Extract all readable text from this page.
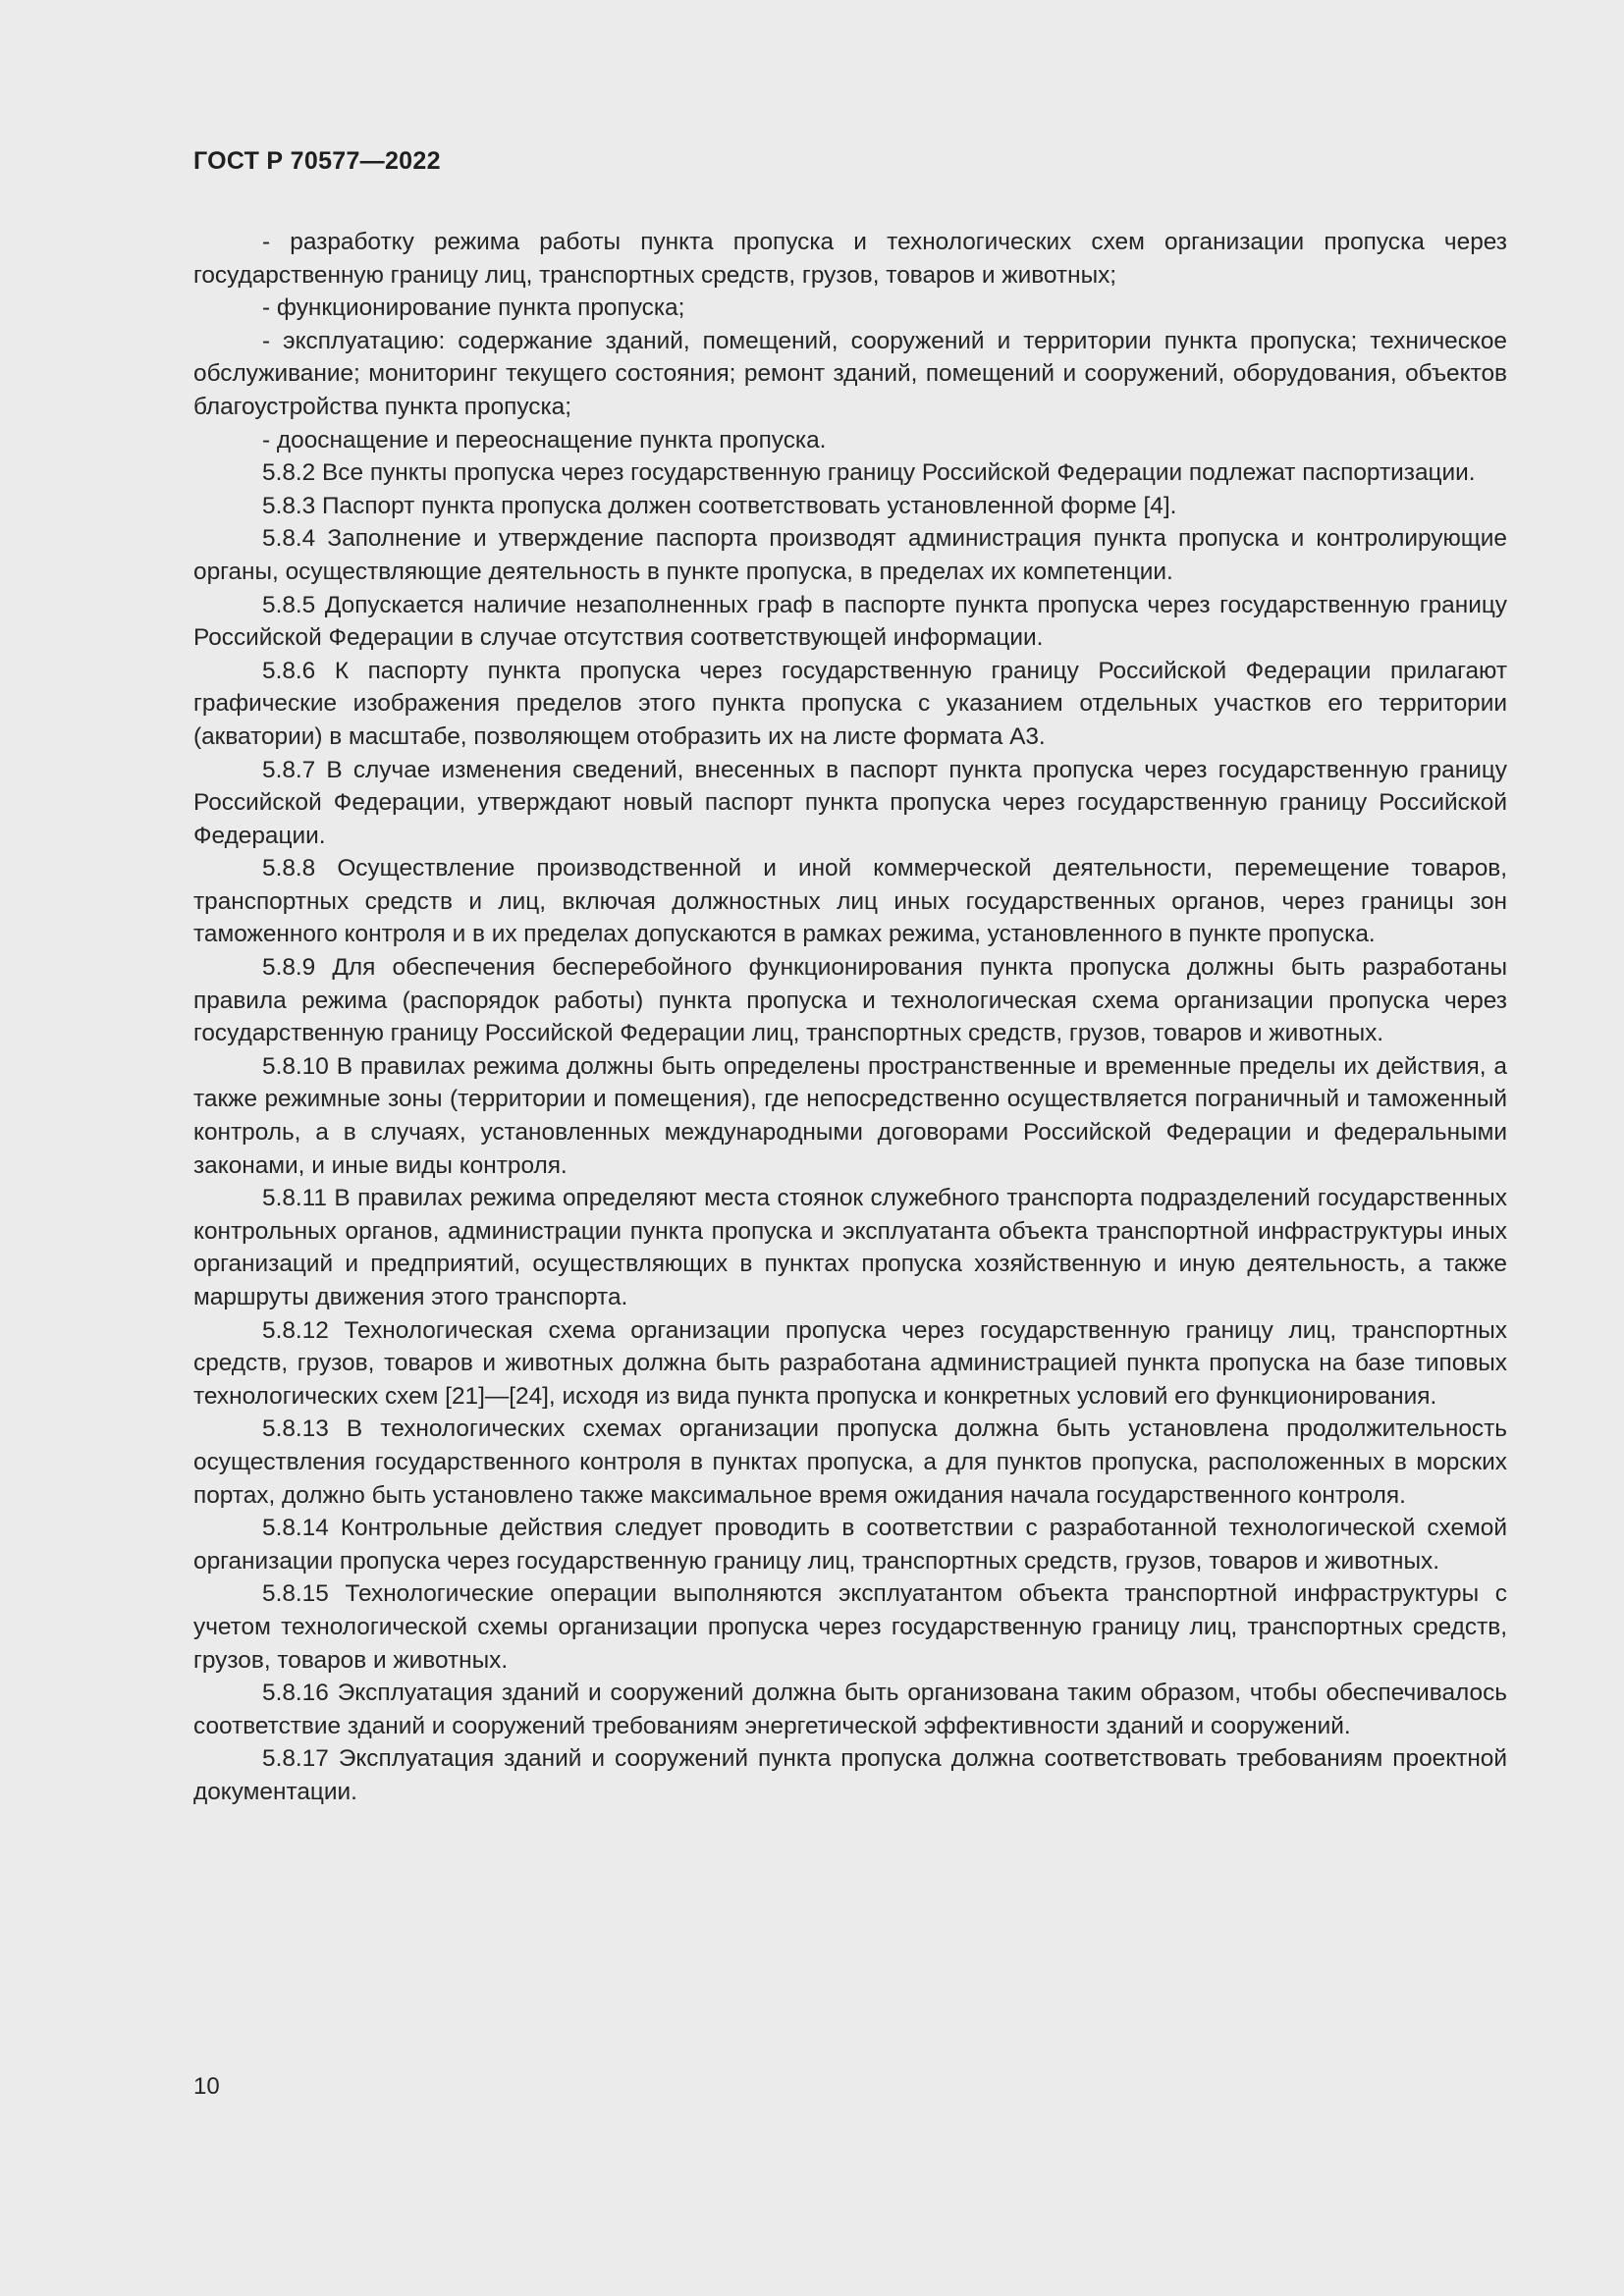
ГОСТ Р 70577—2022

- разработку режима работы пункта пропуска и технологических схем организации пропуска через государственную границу лиц, транспортных средств, грузов, товаров и животных;

- функционирование пункта пропуска;

- эксплуатацию: содержание зданий, помещений, сооружений и территории пункта пропуска; техническое обслуживание; мониторинг текущего состояния; ремонт зданий, помещений и сооружений, оборудования, объектов благоустройства пункта пропуска;

- дооснащение и переоснащение пункта пропуска.

5.8.2 Все пункты пропуска через государственную границу Российской Федерации подлежат паспортизации.

5.8.3 Паспорт пункта пропуска должен соответствовать установленной форме [4].

5.8.4 Заполнение и утверждение паспорта производят администрация пункта пропуска и контролирующие органы, осуществляющие деятельность в пункте пропуска, в пределах их компетенции.

5.8.5 Допускается наличие незаполненных граф в паспорте пункта пропуска через государственную границу Российской Федерации в случае отсутствия соответствующей информации.

5.8.6 К паспорту пункта пропуска через государственную границу Российской Федерации прилагают графические изображения пределов этого пункта пропуска с указанием отдельных участков его территории (акватории) в масштабе, позволяющем отобразить их на листе формата А3.

5.8.7 В случае изменения сведений, внесенных в паспорт пункта пропуска через государственную границу Российской Федерации, утверждают новый паспорт пункта пропуска через государственную границу Российской Федерации.

5.8.8 Осуществление производственной и иной коммерческой деятельности, перемещение товаров, транспортных средств и лиц, включая должностных лиц иных государственных органов, через границы зон таможенного контроля и в их пределах допускаются в рамках режима, установленного в пункте пропуска.

5.8.9 Для обеспечения бесперебойного функционирования пункта пропуска должны быть разработаны правила режима (распорядок работы) пункта пропуска и технологическая схема организации пропуска через государственную границу Российской Федерации лиц, транспортных средств, грузов, товаров и животных.

5.8.10 В правилах режима должны быть определены пространственные и временные пределы их действия, а также режимные зоны (территории и помещения), где непосредственно осуществляется пограничный и таможенный контроль, а в случаях, установленных международными договорами Российской Федерации и федеральными законами, и иные виды контроля.

5.8.11 В правилах режима определяют места стоянок служебного транспорта подразделений государственных контрольных органов, администрации пункта пропуска и эксплуатанта объекта транспортной инфраструктуры иных организаций и предприятий, осуществляющих в пунктах пропуска хозяйственную и иную деятельность, а также маршруты движения этого транспорта.

5.8.12 Технологическая схема организации пропуска через государственную границу лиц, транспортных средств, грузов, товаров и животных должна быть разработана администрацией пункта пропуска на базе типовых технологических схем [21]—[24], исходя из вида пункта пропуска и конкретных условий его функционирования.

5.8.13 В технологических схемах организации пропуска должна быть установлена продолжительность осуществления государственного контроля в пунктах пропуска, а для пунктов пропуска, расположенных в морских портах, должно быть установлено также максимальное время ожидания начала государственного контроля.

5.8.14 Контрольные действия следует проводить в соответствии с разработанной технологической схемой организации пропуска через государственную границу лиц, транспортных средств, грузов, товаров и животных.

5.8.15 Технологические операции выполняются эксплуатантом объекта транспортной инфраструктуры с учетом технологической схемы организации пропуска через государственную границу лиц, транспортных средств, грузов, товаров и животных.

5.8.16 Эксплуатация зданий и сооружений должна быть организована таким образом, чтобы обеспечивалось соответствие зданий и сооружений требованиям энергетической эффективности зданий и сооружений.

5.8.17 Эксплуатация зданий и сооружений пункта пропуска должна соответствовать требованиям проектной документации.

10
